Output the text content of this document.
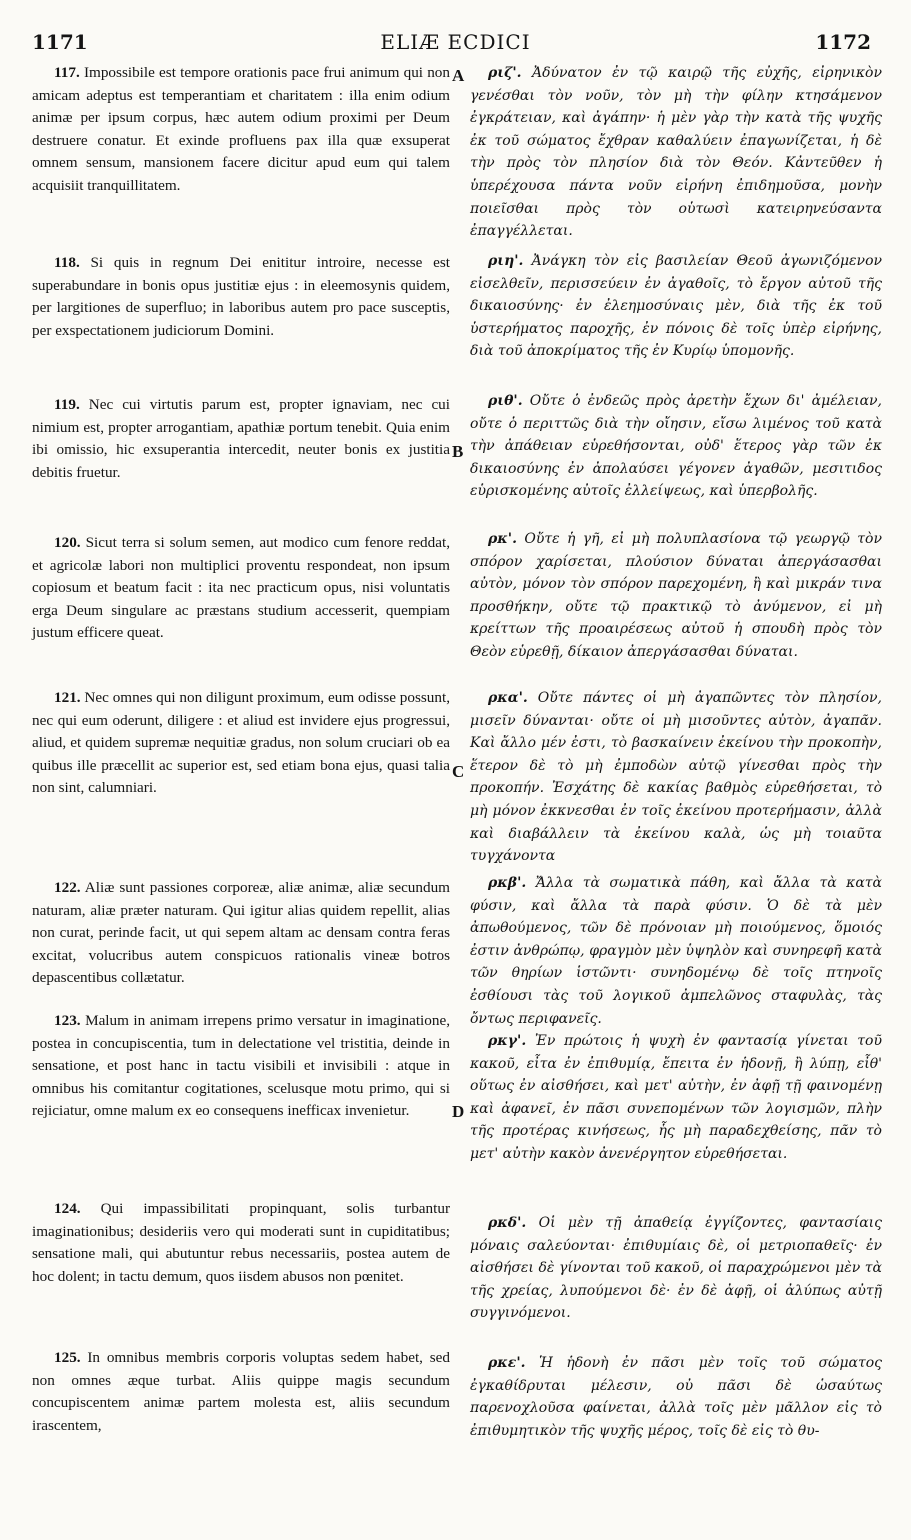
1171	ELIÆ ECDICI	1172
A
B
C
D

117. Impossibile est tempore orationis pace frui animum qui non amicam adeptus est temperantiam et charitatem : illa enim odium animæ per ipsum corpus, hæc autem odium proximi per Deum destruere conatur. Et exinde profluens pax illa quæ exsuperat omnem sensum, mansionem facere dicitur apud eum qui talem acquisiit tranquillitatem.

118. Si quis in regnum Dei enititur introire, necesse est superabundare in bonis opus justitiæ ejus : in eleemosynis quidem, per largitiones de superfluo; in laboribus autem pro pace susceptis, per exspectationem judiciorum Domini.

119. Nec cui virtutis parum est, propter ignaviam, nec cui nimium est, propter arrogantiam, apathiæ portum tenebit. Quia enim ibi omissio, hic exsuperantia intercedit, neuter bonis ex justitia debitis fruetur.

120. Sicut terra si solum semen, aut modico cum fenore reddat, et agricolæ labori non multiplici proventu respondeat, non ipsum copiosum et beatum facit : ita nec practicum opus, nisi voluntatis erga Deum singulare ac præstans studium accesserit, quempiam justum efficere queat.

121. Nec omnes qui non diligunt proximum, eum odisse possunt, nec qui eum oderunt, diligere : et aliud est invidere ejus progressui, aliud, et quidem supremæ nequitiæ gradus, non solum cruciari ob ea quibus ille præcellit ac superior est, sed etiam bona ejus, quasi talia non sint, calumniari.

122. Aliæ sunt passiones corporeæ, aliæ animæ, aliæ secundum naturam, aliæ præter naturam. Qui igitur alias quidem repellit, alias non curat, perinde facit, ut qui sepem altam ac densam contra feras excitat, volucribus autem conspicuos rationalis vineæ botros depascentibus collætatur.

123. Malum in animam irrepens primo versatur in imaginatione, postea in concupiscentia, tum in delectatione vel tristitia, deinde in sensatione, et post hanc in tactu visibili et invisibili : atque in omnibus his comitantur cogitationes, scelusque motu primo, qui si rejiciatur, omne malum ex eo consequens inefficax invenietur.

124. Qui impassibilitati propinquant, solis turbantur imaginationibus; desideriis vero qui moderati sunt in cupiditatibus; sensatione mali, qui abutuntur rebus necessariis, postea autem de hoc dolent; in tactu demum, quos iisdem abusos non pœnitet.

125. In omnibus membris corporis voluptas sedem habet, sed non omnes æque turbat. Aliis quippe magis secundum concupiscentem animæ partem molesta est, aliis secundum irascentem,

ριζ'. Ἀδύνατον ἐν τῷ καιρῷ τῆς εὐχῆς, εἰρηνικὸν γενέσθαι τὸν νοῦν, τὸν μὴ τὴν φίλην κτησάμενον ἐγκράτειαν, καὶ ἀγάπην· ἡ μὲν γὰρ τὴν κατὰ τῆς ψυχῆς ἐκ τοῦ σώματος ἔχθραν καθαλύειν ἐπαγωνίζεται, ἡ δὲ τὴν πρὸς τὸν πλησίον διὰ τὸν Θεόν. Κἀντεῦθεν ἡ ὑπερέχουσα πάντα νοῦν εἰρήνη ἐπιδημοῦσα, μονὴν ποιεῖσθαι πρὸς τὸν οὑτωσὶ κατειρηνεύσαντα ἐπαγγέλλεται.

ριη'. Ἀνάγκη τὸν εἰς βασιλείαν Θεοῦ ἀγωνιζόμενον εἰσελθεῖν, περισσεύειν ἐν ἀγαθοῖς, τὸ ἔργον αὐτοῦ τῆς δικαιοσύνης· ἐν ἐλεημοσύναις μὲν, διὰ τῆς ἐκ τοῦ ὑστερήματος παροχῆς, ἐν πόνοις δὲ τοῖς ὑπὲρ εἰρήνης, διὰ τοῦ ἀποκρίματος τῆς ἐν Κυρίῳ ὑπομονῆς.

ριθ'. Οὔτε ὁ ἐνδεῶς πρὸς ἀρετὴν ἔχων δι' ἀμέλειαν, οὔτε ὁ περιττῶς διὰ τὴν οἴησιν, εἴσω λιμένος τοῦ κατὰ τὴν ἀπάθειαν εὑρεθήσονται, οὐδ' ἕτερος γὰρ τῶν ἐκ δικαιοσύνης ἐν ἀπολαύσει γέγονεν ἀγαθῶν, μεσιτιδος εὑρισκομένης αὐτοῖς ἐλλείψεως, καὶ ὑπερβολῆς.

ρκ'. Οὔτε ἡ γῆ, εἰ μὴ πολυπλασίονα τῷ γεωργῷ τὸν σπόρον χαρίσεται, πλούσιον δύναται ἀπεργάσασθαι αὐτὸν, μόνον τὸν σπόρον παρεχομένη, ἢ καὶ μικράν τινα προσθήκην, οὔτε τῷ πρακτικῷ τὸ ἀνύμενον, εἰ μὴ κρείττων τῆς προαιρέσεως αὐτοῦ ἡ σπουδὴ πρὸς τὸν Θεὸν εὑρεθῇ, δίκαιον ἀπεργάσασθαι δύναται.

ρκα'. Οὔτε πάντες οἱ μὴ ἀγαπῶντες τὸν πλησίον, μισεῖν δύνανται· οὔτε οἱ μὴ μισοῦντες αὐτὸν, ἀγαπᾶν. Καὶ ἄλλο μέν ἐστι, τὸ βασκαίνειν ἐκείνου τὴν προκοπὴν, ἕτερον δὲ τὸ μὴ ἐμποδὼν αὐτῷ γίνεσθαι πρὸς τὴν προκοπήν. Ἐσχάτης δὲ κακίας βαθμὸς εὑρεθήσεται, τὸ μὴ μόνον ἐκκνεσθαι ἐν τοῖς ἐκείνου προτερήμασιν, ἀλλὰ καὶ διαβάλλειν τὰ ἐκείνου καλὰ, ὡς μὴ τοιαῦτα τυγχάνοντα

ρκβ'. Ἄλλα τὰ σωματικὰ πάθη, καὶ ἄλλα τὰ κατὰ φύσιν, καὶ ἄλλα τὰ παρὰ φύσιν. Ὁ δὲ τὰ μὲν ἀπωθούμενος, τῶν δὲ πρόνοιαν μὴ ποιούμενος, ὅμοιός ἐστιν ἀνθρώπῳ, φραγμὸν μὲν ὑψηλὸν καὶ συνηρεφῆ κατὰ τῶν θηρίων ἱστῶντι· συνηδομένῳ δὲ τοῖς πτηνοῖς ἐσθίουσι τὰς τοῦ λογικοῦ ἀμπελῶνος σταφυλὰς, τὰς ὄντως περιφανεῖς.

ρκγ'. Ἐν πρώτοις ἡ ψυχὴ ἐν φαντασίᾳ γίνεται τοῦ κακοῦ, εἶτα ἐν ἐπιθυμίᾳ, ἔπειτα ἐν ἡδονῇ, ἢ λύπῃ, εἶθ' οὕτως ἐν αἰσθήσει, καὶ μετ' αὐτὴν, ἐν ἀφῇ τῇ φαινομένῃ καὶ ἀφανεῖ, ἐν πᾶσι συνεπομένων τῶν λογισμῶν, πλὴν τῆς προτέρας κινήσεως, ἧς μὴ παραδεχθείσης, πᾶν τὸ μετ' αὐτὴν κακὸν ἀνενέργητον εὑρεθήσεται.

ρκδ'. Οἱ μὲν τῇ ἀπαθείᾳ ἐγγίζοντες, φαντασίαις μόναις σαλεύονται· ἐπιθυμίαις δὲ, οἱ μετριοπαθεῖς· ἐν αἰσθήσει δὲ γίνονται τοῦ κακοῦ, οἱ παραχρώμενοι μὲν τὰ τῆς χρείας, λυπούμενοι δὲ· ἐν δὲ ἀφῇ, οἱ ἀλύπως αὐτῇ συγγινόμενοι.

ρκε'. Ἡ ἡδονὴ ἐν πᾶσι μὲν τοῖς τοῦ σώματος ἐγκαθίδρυται μέλεσιν, οὐ πᾶσι δὲ ὡσαύτως παρενοχλοῦσα φαίνεται, ἀλλὰ τοῖς μὲν μᾶλλον εἰς τὸ ἐπιθυμητικὸν τῆς ψυχῆς μέρος, τοῖς δὲ εἰς τὸ θυ-
